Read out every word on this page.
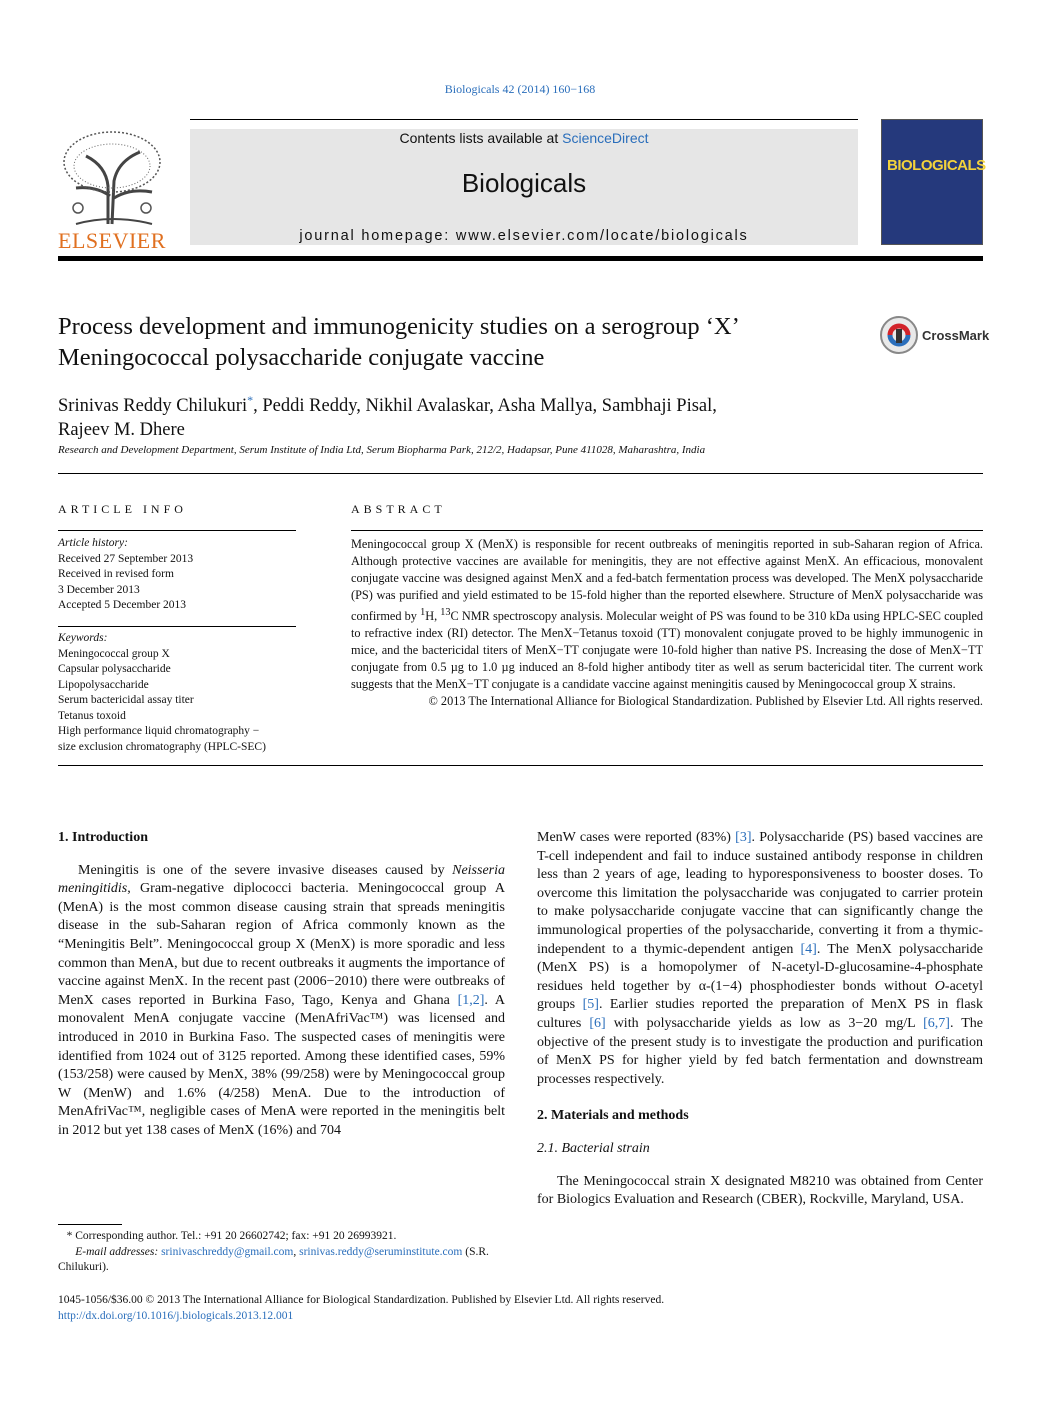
Biologicals 42 (2014) 160−168
ELSEVIER
Contents lists available at ScienceDirect
Biologicals
journal homepage: www.elsevier.com/locate/biologicals
BIOLOGICALS
Process development and immunogenicity studies on a serogroup ‘X’ Meningococcal polysaccharide conjugate vaccine
CrossMark
Srinivas Reddy Chilukuri*, Peddi Reddy, Nikhil Avalaskar, Asha Mallya, Sambhaji Pisal,
Rajeev M. Dhere
Research and Development Department, Serum Institute of India Ltd, Serum Biopharma Park, 212/2, Hadapsar, Pune 411028, Maharashtra, India
ARTICLE INFO
Article history:
Received 27 September 2013
Received in revised form
3 December 2013
Accepted 5 December 2013
Keywords:
Meningococcal group X
Capsular polysaccharide
Lipopolysaccharide
Serum bactericidal assay titer
Tetanus toxoid
High performance liquid chromatography −
size exclusion chromatography (HPLC-SEC)
ABSTRACT
Meningococcal group X (MenX) is responsible for recent outbreaks of meningitis reported in sub-Saharan region of Africa. Although protective vaccines are available for meningitis, they are not effective against MenX. An efficacious, monovalent conjugate vaccine was designed against MenX and a fed-batch fermentation process was developed. The MenX polysaccharide (PS) was purified and yield estimated to be 15-fold higher than the reported elsewhere. Structure of MenX polysaccharide was confirmed by $^1$H, $^{13}$C NMR spectroscopy analysis. Molecular weight of PS was found to be 310 kDa using HPLC-SEC coupled to refractive index (RI) detector. The MenX−Tetanus toxoid (TT) monovalent conjugate proved to be highly immunogenic in mice, and the bactericidal titers of MenX−TT conjugate were 10-fold higher than native PS. Increasing the dose of MenX−TT conjugate from 0.5 µg to 1.0 µg induced an 8-fold higher antibody titer as well as serum bactericidal titer. The current work suggests that the MenX−TT conjugate is a candidate vaccine against meningitis caused by Meningococcal group X strains.
© 2013 The International Alliance for Biological Standardization. Published by Elsevier Ltd. All rights reserved.
1. Introduction

Meningitis is one of the severe invasive diseases caused by Neisseria meningitidis, Gram-negative diplococci bacteria. Meningococcal group A (MenA) is the most common disease causing strain that spreads meningitis disease in the sub-Saharan region of Africa commonly known as the “Meningitis Belt”. Meningococcal group X (MenX) is more sporadic and less common than MenA, but due to recent outbreaks it augments the importance of vaccine against MenX. In the recent past (2006−2010) there were outbreaks of MenX cases reported in Burkina Faso, Tago, Kenya and Ghana [1,2]. A monovalent MenA conjugate vaccine (MenAfriVac™) was licensed and introduced in 2010 in Burkina Faso. The suspected cases of meningitis were identified from 1024 out of 3125 reported. Among these identified cases, 59% (153/258) were caused by MenX, 38% (99/258) were by Meningococcal group W (MenW) and 1.6% (4/258) MenA. Due to the introduction of MenAfriVac™, negligible cases of MenA were reported in the meningitis belt in 2012 but yet 138 cases of MenX (16%) and 704

MenW cases were reported (83%) [3]. Polysaccharide (PS) based vaccines are T-cell independent and fail to induce sustained antibody response in children less than 2 years of age, leading to hyporesponsiveness to booster doses. To overcome this limitation the polysaccharide was conjugated to carrier protein to make polysaccharide conjugate vaccine that can significantly change the immunological properties of the polysaccharide, converting it from a thymic-independent to a thymic-dependent antigen [4]. The MenX polysaccharide (MenX PS) is a homopolymer of N-acetyl-D-glucosamine-4-phosphate residues held together by α-(1−4) phosphodiester bonds without O-acetyl groups [5]. Earlier studies reported the preparation of MenX PS in flask cultures [6] with polysaccharide yields as low as 3−20 mg/L [6,7]. The objective of the present study is to investigate the production and purification of MenX PS for higher yield by fed batch fermentation and downstream processes respectively.

2. Materials and methods
2.1. Bacterial strain

The Meningococcal strain X designated M8210 was obtained from Center for Biologics Evaluation and Research (CBER), Rockville, Maryland, USA.

* Corresponding author. Tel.: +91 20 26602742; fax: +91 20 26993921.
E-mail addresses: srinivaschreddy@gmail.com, srinivas.reddy@seruminstitute.com (S.R. Chilukuri).
1045-1056/$36.00 © 2013 The International Alliance for Biological Standardization. Published by Elsevier Ltd. All rights reserved.
http://dx.doi.org/10.1016/j.biologicals.2013.12.001
